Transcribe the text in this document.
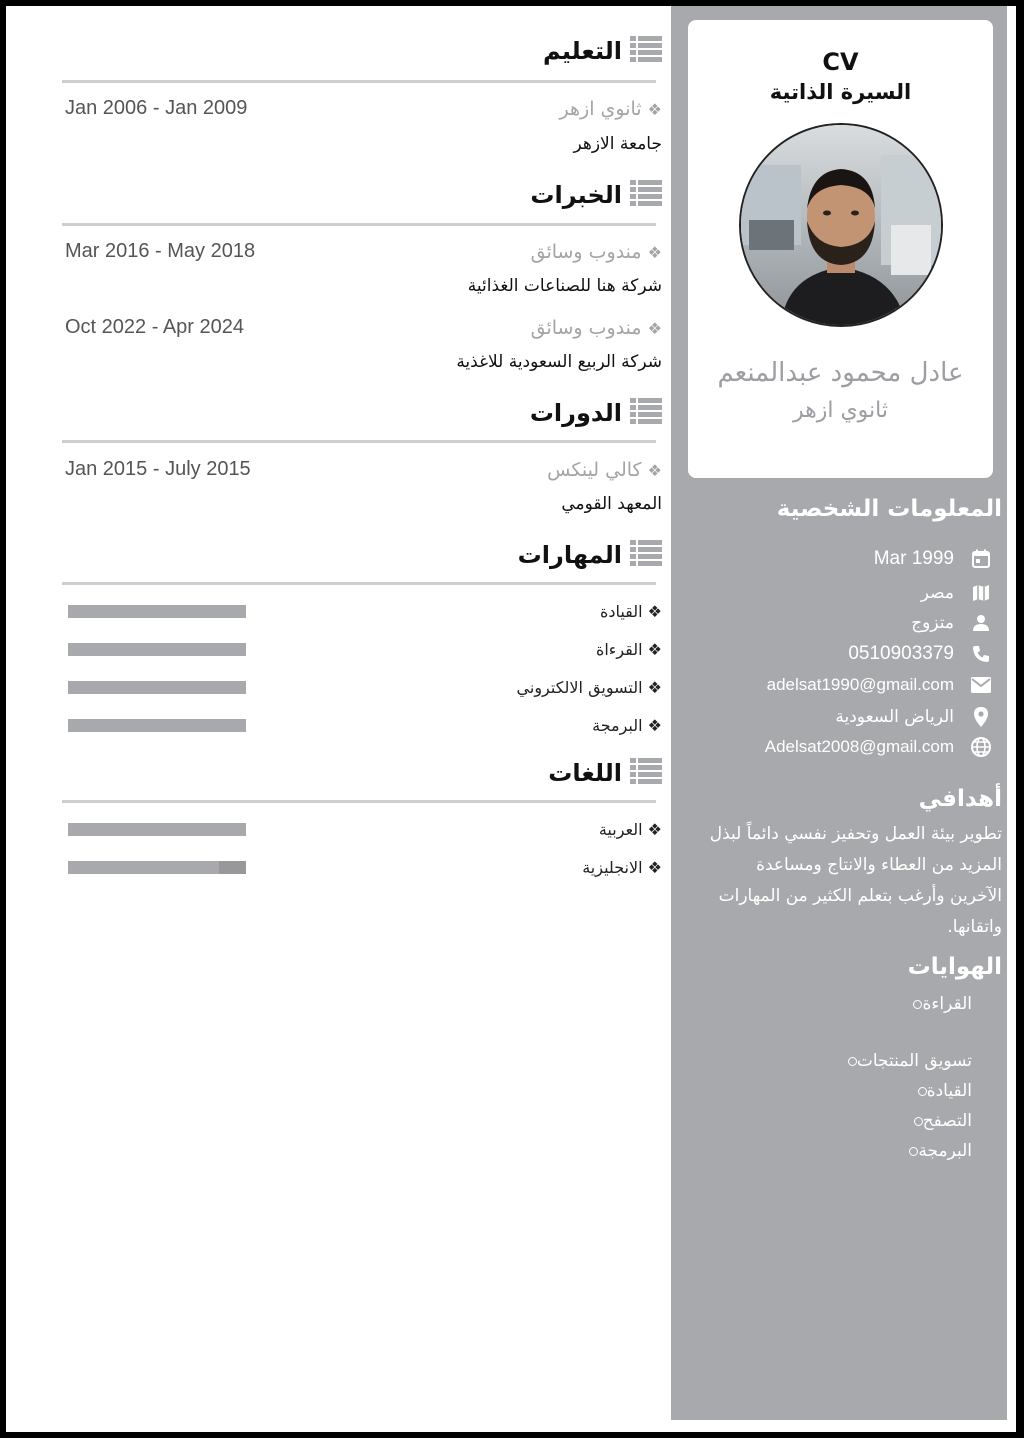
CV
السيرة الذاتية
عادل محمود عبدالمنعم
ثانوي ازهر
المعلومات الشخصية
Mar 1999
مصر
متزوج
0510903379
adelsat1990@gmail.com
الرياض السعودية
Adelsat2008@gmail.com
أهدافي
تطوير بيئة العمل وتحفيز نفسي دائماً لبذل المزيد من العطاء والانتاج ومساعدة الآخرين وأرغب بتعلم الكثير من المهارات واتقانها.
الهوايات
القراءة
تسويق المنتجات
القيادة
التصفح
البرمجة
التعليم
❖ ثانوي ازهر
Jan 2006 - Jan 2009
جامعة الازهر
الخبرات
❖ مندوب وسائق
Mar 2016 - May 2018
شركة هنا للصناعات الغذائية
❖ مندوب وسائق
Oct 2022 - Apr 2024
شركة الربيع السعودية للاغذية
الدورات
❖ كالي لينكس
Jan 2015 - July 2015
المعهد القومي
المهارات
❖ القيادة
❖ القرءاة
❖ التسويق الالكتروني
❖ البرمجة
اللغات
❖ العربية
❖ الانجليزية
